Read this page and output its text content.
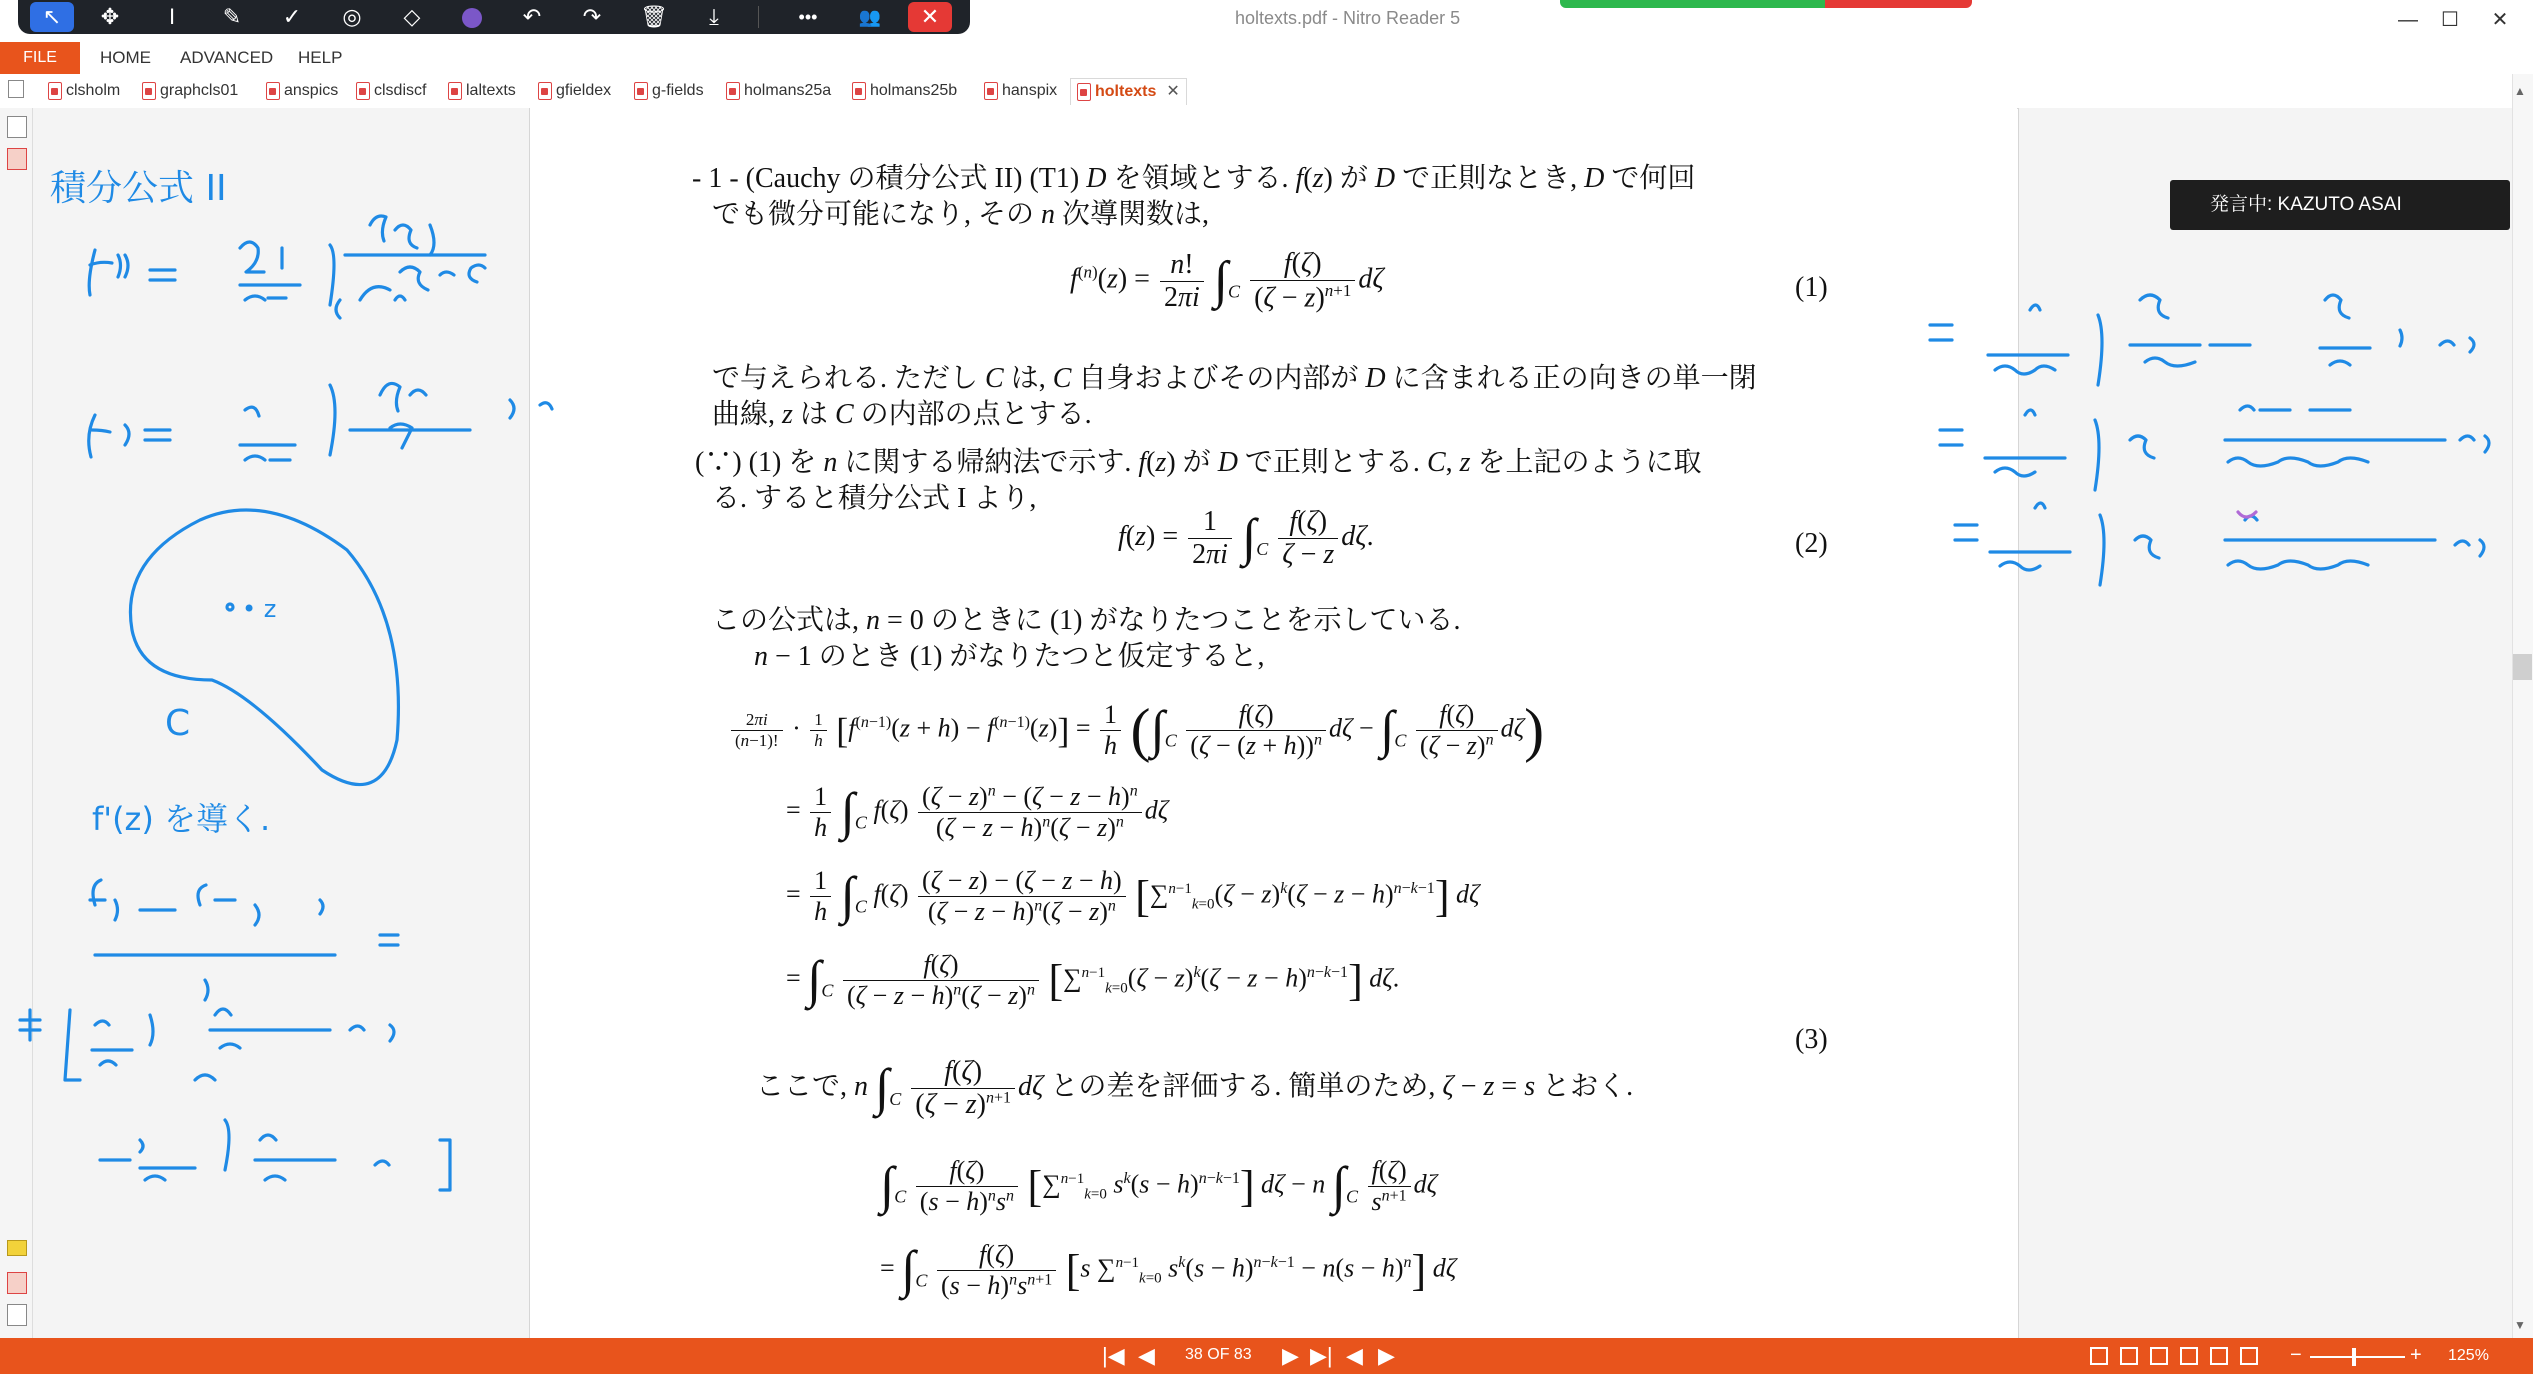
holtexts.pdf - Nitro Reader 5	—	☐	✕
↖	✥	I	✎	✓	◎	◇	↶	↷	🗑	⤓	•••	👥	✕
FILE	HOME ADVANCED HELP
clsholm	graphcls01	anspics	clsdiscf	laltexts	gfieldex	g-fields	holmans25a	holmans25b	hanspix	holtexts ✕	▲
▼
発言中: KAZUTO ASAI
- 1 - (Cauchy の積分公式 II) (T1) D を領域とする. f(z) が D で正則なとき, D で何回
でも微分可能になり, その n 次導関数は,
$f^{(n)}(z) = \frac{n!}{2\pi i} \int_C \frac{f(\zeta)}{(\zeta - z)^{n+1}}$ dζ	(1)
で与えられる. ただし C は, C 自身およびその内部が D に含まれる正の向きの単一閉
曲線, z は C の内部の点とする.
(∵) (1) を n に関する帰納法で示す. f(z) が D で正則とする. C, z を上記のように取
る. すると積分公式 I より,
$f(z) = \frac{1}{2\pi i} \int_C \frac{f(\zeta)}{\zeta - z} d\zeta$.	(2)
この公式は, n = 0 のときに (1) がなりたつことを示している.
n − 1 のとき (1) がなりたつと仮定すると,
$\frac{2\pi i}{(n-1)!} \cdot \frac{1}{h} [f^{(n-1)}(z + h) - f^{(n-1)}(z)] = \frac{1}{h} (\int_C \frac{f(\zeta)}{(\zeta - (z + h))^n}$ $d\zeta - \int_C \frac{f(\zeta)}{(\zeta - z)^n} d\zeta$)
= $\frac{1}{h} \int_C$ $f(\zeta) \frac{(\zeta - z)^n - (\zeta - z - h)^n}{(\zeta - z - h)^n(\zeta - z)^n}$ dζ
= $\frac{1}{h} \int_C$ $f(\zeta) \frac{(\zeta - z) - (\zeta - z - h)}{(\zeta - z - h)^n(\zeta - z)^n} [\sum^{n-1}_{k=0}(\zeta - z)^k(\zeta - z - h)^{n-k-1}]$ dζ
= $\int_C \frac{f(\zeta)}{(\zeta - z - h)^n(\zeta - z)^n} [\sum^{n-1}_{k=0}(\zeta - z)^k(\zeta - z - h)^{n-k-1}]$ dζ.
(3)
ここで, n $\int_C \frac{f(\zeta)}{(\zeta - z)^{n+1}}$ dζ との差を評価する. 簡単のため, ζ − z = s とおく.
$\int_C \frac{f(\zeta)}{(s - h)^ns^n} [\sum^{n-1}_{k=0}$ $s^k(s - h)^{n-k-1}$] dζ − n $\int_C \frac{f(\zeta)}{s^{n+1}}$ dζ
= $\int_C \frac{f(\zeta)}{(s - h)^ns^{n+1}} [s$ ∑$^{n-1}_{k=0}$ $s^k(s - h)^{n-k-1} - n(s - h)^n$] dζ
積分公式 II
• z
C
f'(z) を導く.
|◀ ◀ 38 OF 83 ▶ ▶| ◀ ▶	−	+ 125%
